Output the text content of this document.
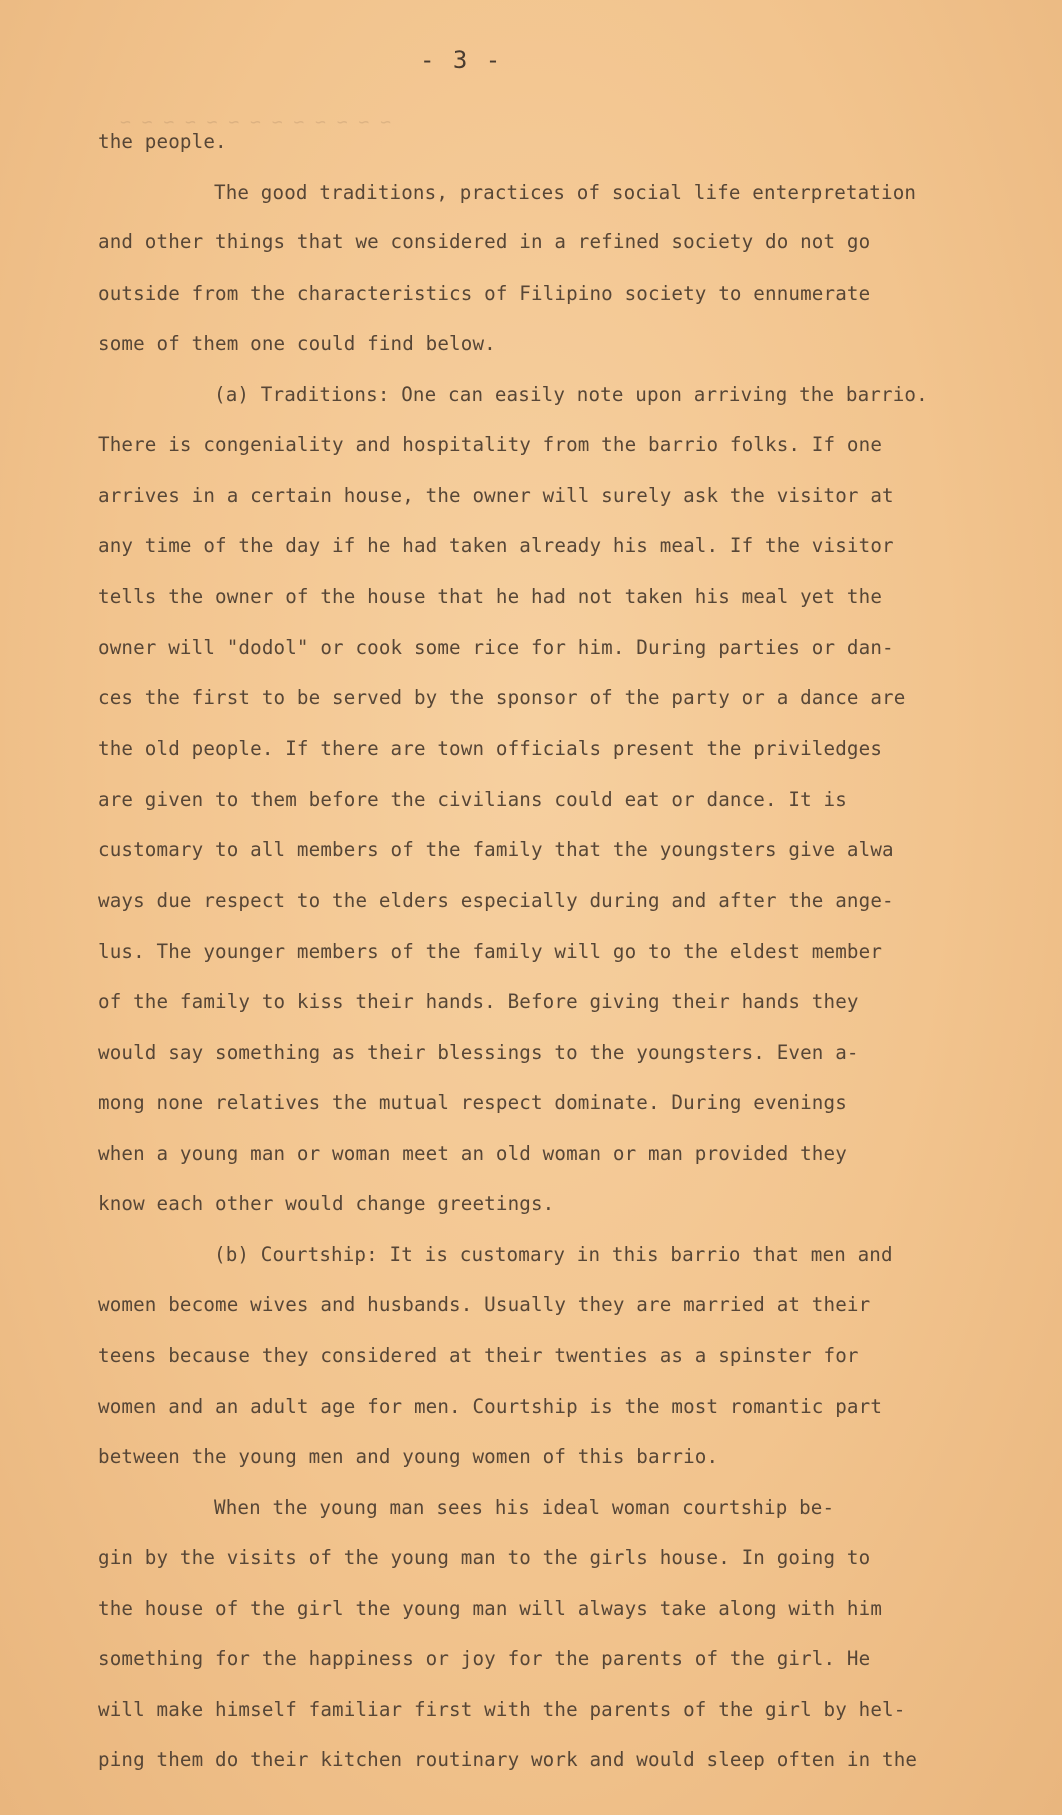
~ ~ ~ ~ ~ ~ ~ ~ ~ ~ ~ ~ ~
- 3 -
the people.
The good traditions, practices of social life enterpretation
and other things that we considered in a refined society do not go
outside from the characteristics of Filipino society to ennumerate
some of them one could find below.
(a) Traditions: One can easily note upon arriving the barrio.
There is congeniality and hospitality from the barrio folks. If one
arrives in a certain house, the owner will surely ask the visitor at
any time of the day if he had taken already his meal. If the visitor
tells the owner of the house that he had not taken his meal yet the
owner will "dodol" or cook some rice for him. During parties or dan-
ces the first to be served by the sponsor of the party or a dance are
the old people. If there are town officials present the priviledges
are given to them before the civilians could eat or dance. It is
customary to all members of the family that the youngsters give alwa
ways due respect to the elders especially during and after the ange-
lus. The younger members of the family will go to the eldest member
of the family to kiss their hands. Before giving their hands they
would say something as their blessings to the youngsters. Even a-
mong none relatives the mutual respect dominate. During evenings
when a young man or woman meet an old woman or man provided they
know each other would change greetings.
(b) Courtship: It is customary in this barrio that men and
women become wives and husbands. Usually they are married at their
teens because they considered at their twenties as a spinster for
women and an adult age for men. Courtship is the most romantic part
between the young men and young women of this barrio.
When the young man sees his ideal woman courtship be-
gin by the visits of the young man to the girls house. In going to
the house of the girl the young man will always take along with him
something for the happiness or joy for the parents of the girl. He
will make himself familiar first with the parents of the girl by hel-
ping them do their kitchen routinary work and would sleep often in the
